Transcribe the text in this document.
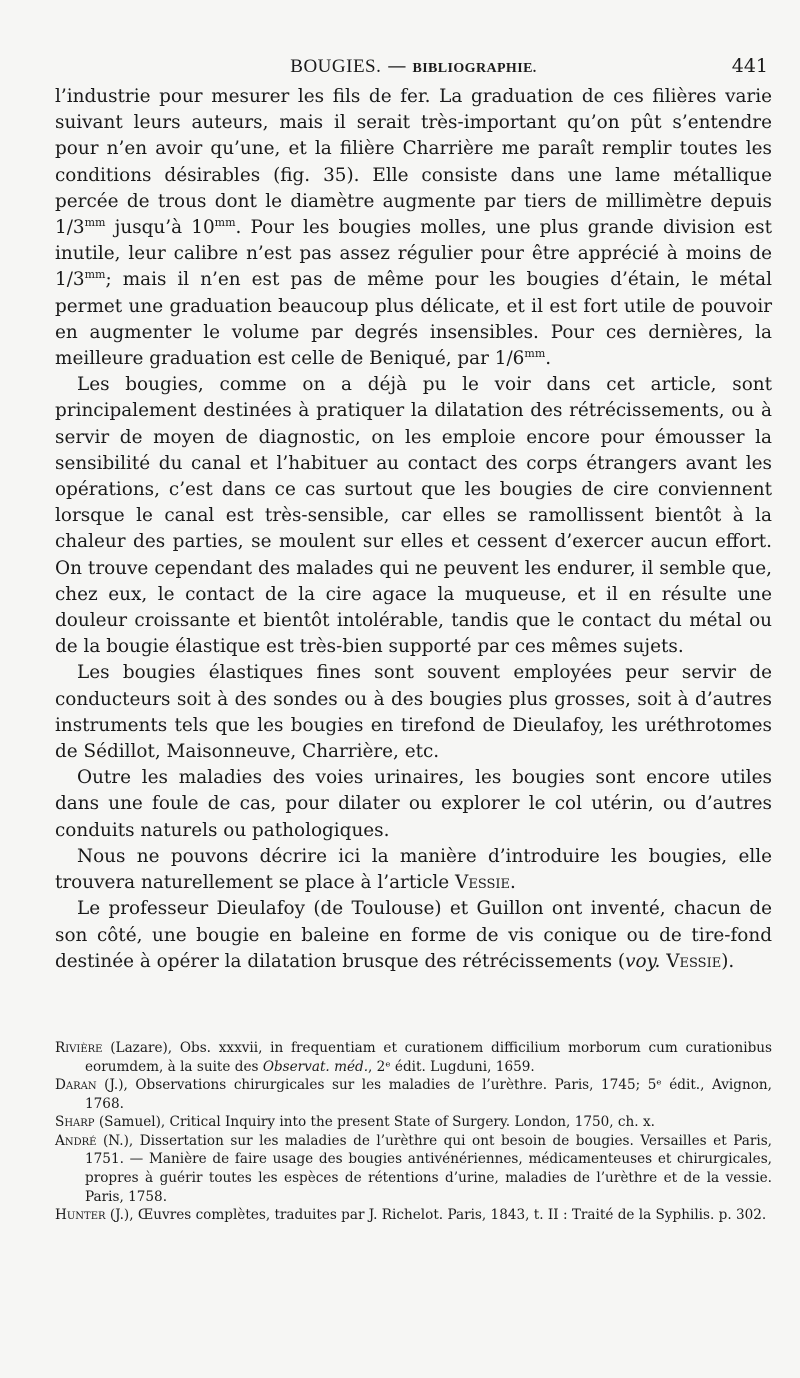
BOUGIES. — BIBLIOGRAPHIE.	441

l’industrie pour mesurer les fils de fer. La graduation de ces filières varie suivant leurs auteurs, mais il serait très-important qu’on pût s’entendre pour n’en avoir qu’une, et la filière Charrière me paraît remplir toutes les conditions désirables (fig. 35). Elle consiste dans une lame métallique percée de trous dont le diamètre augmente par tiers de millimètre depuis $1/3^{mm}$ jusqu’à $10^{mm}$. Pour les bougies molles, une plus grande division est inutile, leur calibre n’est pas assez régulier pour être apprécié à moins de $1/3^{mm}$; mais il n’en est pas de même pour les bougies d’étain, le métal permet une graduation beaucoup plus délicate, et il est fort utile de pouvoir en augmenter le volume par degrés insensibles. Pour ces dernières, la meilleure graduation est celle de Beniqué, par $1/6^{mm}$.

Les bougies, comme on a déjà pu le voir dans cet article, sont principalement destinées à pratiquer la dilatation des rétrécissements, ou à servir de moyen de diagnostic, on les emploie encore pour émousser la sensibilité du canal et l’habituer au contact des corps étrangers avant les opérations, c’est dans ce cas surtout que les bougies de cire conviennent lorsque le canal est très-sensible, car elles se ramollissent bientôt à la chaleur des parties, se moulent sur elles et cessent d’exercer aucun effort. On trouve cependant des malades qui ne peuvent les endurer, il semble que, chez eux, le contact de la cire agace la muqueuse, et il en résulte une douleur croissante et bientôt intolérable, tandis que le contact du métal ou de la bougie élastique est très-bien supporté par ces mêmes sujets.

Les bougies élastiques fines sont souvent employées peur servir de conducteurs soit à des sondes ou à des bougies plus grosses, soit à d’autres instruments tels que les bougies en tirefond de Dieulafoy, les uréthrotomes de Sédillot, Maisonneuve, Charrière, etc.

Outre les maladies des voies urinaires, les bougies sont encore utiles dans une foule de cas, pour dilater ou explorer le col utérin, ou d’autres conduits naturels ou pathologiques.

Nous ne pouvons décrire ici la manière d’introduire les bougies, elle trouvera naturellement se place à l’article Vessie.

Le professeur Dieulafoy (de Toulouse) et Guillon ont inventé, chacun de son côté, une bougie en baleine en forme de vis conique ou de tire-fond destinée à opérer la dilatation brusque des rétrécissements (voy. Vessie).

Rivière (Lazare), Obs. xxxvii, in frequentiam et curationem difficilium morborum cum curationibus eorumdem, à la suite des Observat. méd., 2ᵉ édit. Lugduni, 1659.

Daran (J.), Observations chirurgicales sur les maladies de l’urèthre. Paris, 1745; 5ᵉ édit., Avignon, 1768.

Sharp (Samuel), Critical Inquiry into the present State of Surgery. London, 1750, ch. x.

André (N.), Dissertation sur les maladies de l’urèthre qui ont besoin de bougies. Versailles et Paris, 1751. — Manière de faire usage des bougies antivénériennes, médicamenteuses et chirurgicales, propres à guérir toutes les espèces de rétentions d’urine, maladies de l’urèthre et de la vessie. Paris, 1758.

Hunter (J.), Œuvres complètes, traduites par J. Richelot. Paris, 1843, t. II : Traité de la Syphilis. p. 302.
